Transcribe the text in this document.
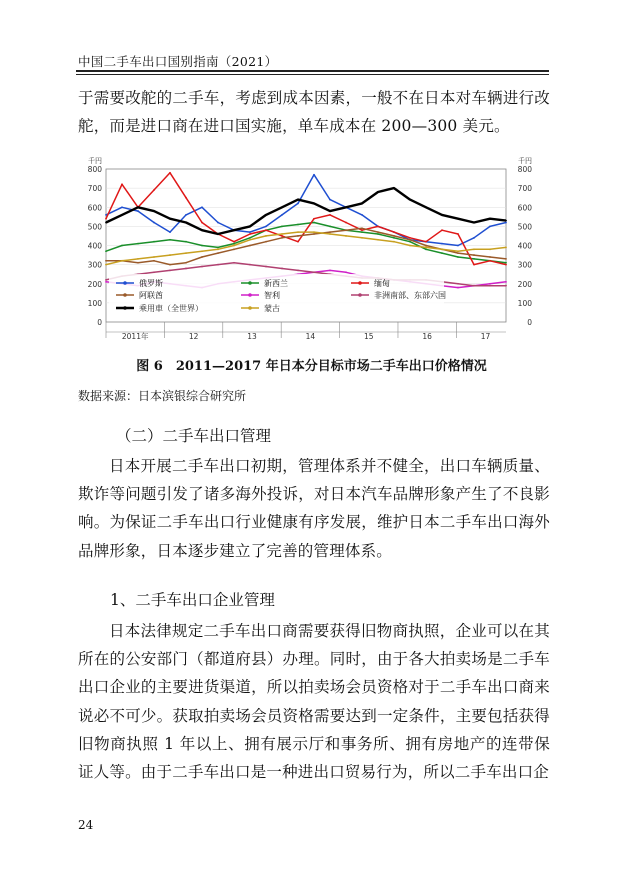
中国二手车出口国别指南（2021）
于需要改舵的二手车，考虑到成本因素，一般不在日本对车辆进行改舵，而是进口商在进口国实施，单车成本在 200—300 美元。
0	0
100	100
200	200
300	300
400	400
500	500
600	600
700	700
800	800
千円	千円
2011年	12	13	14	15	16	17
俄罗斯	新西兰	缅甸
阿联酋	智利	非洲南部、东部六国
乘用車（全世界）	蒙古
图 6　2011—2017 年日本分目标市场二手车出口价格情况
数据来源：日本滨银综合研究所
（二）二手车出口管理
日本开展二手车出口初期，管理体系并不健全，出口车辆质量、欺诈等问题引发了诸多海外投诉，对日本汽车品牌形象产生了不良影响。为保证二手车出口行业健康有序发展，维护日本二手车出口海外品牌形象，日本逐步建立了完善的管理体系。
1、二手车出口企业管理
日本法律规定二手车出口商需要获得旧物商执照，企业可以在其所在的公安部门（都道府县）办理。同时，由于各大拍卖场是二手车出口企业的主要进货渠道，所以拍卖场会员资格对于二手车出口商来说必不可少。获取拍卖场会员资格需要达到一定条件，主要包括获得旧物商执照 1 年以上、拥有展示厅和事务所、拥有房地产的连带保证人等。由于二手车出口是一种进出口贸易行为，所以二手车出口企
24
